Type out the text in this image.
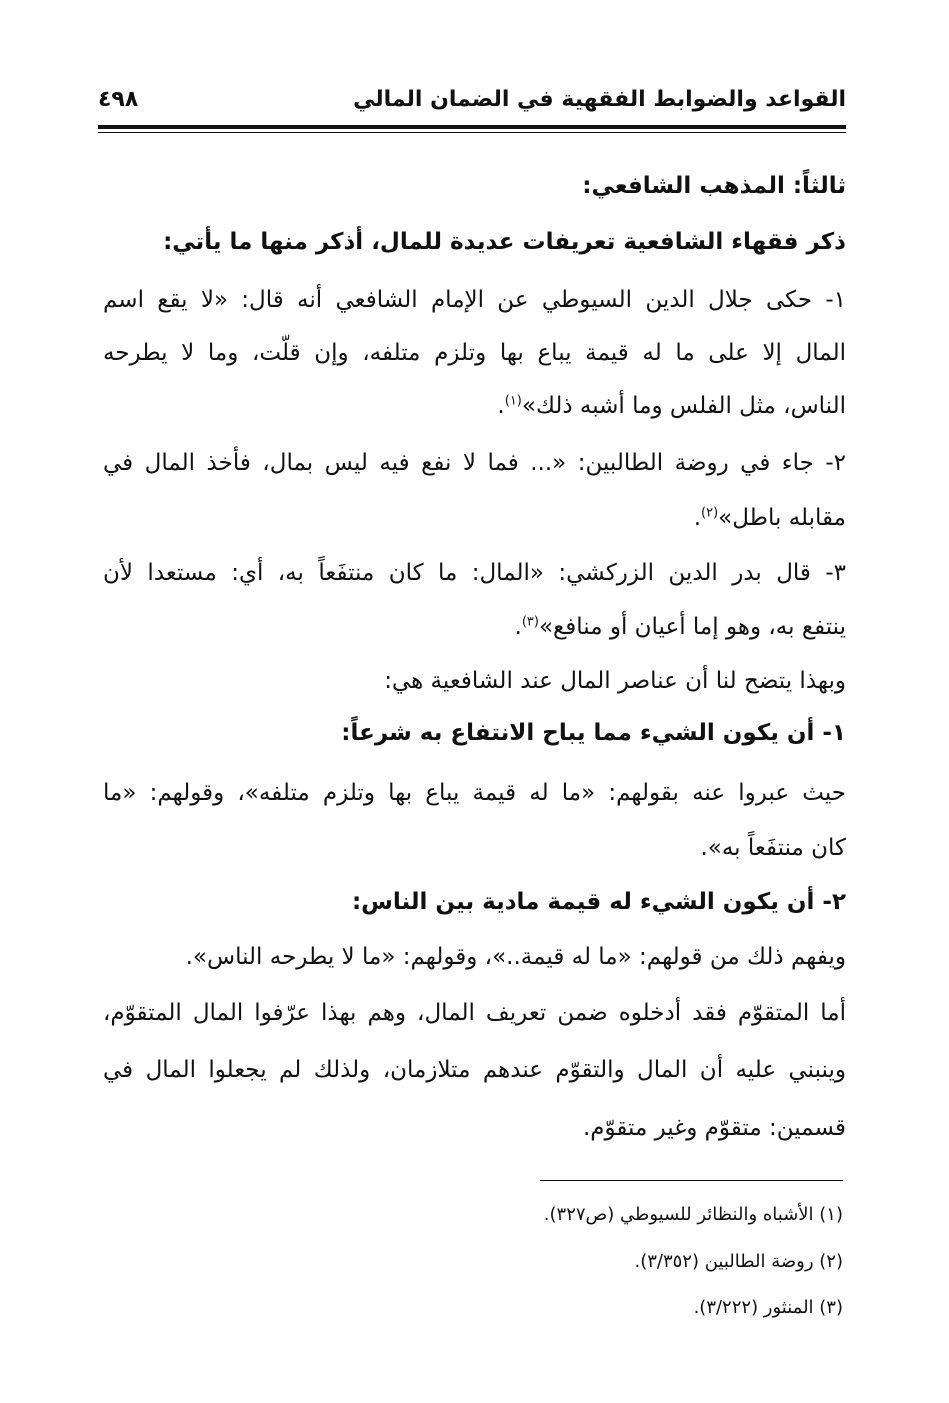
القواعد والضوابط الفقهية في الضمان المالي
٤٩٨
ثالثاً: المذهب الشافعي:
ذكر فقهاء الشافعية تعريفات عديدة للمال، أذكر منها ما يأتي:
١- حكى جلال الدين السيوطي عن الإمام الشافعي أنه قال: «لا يقع اسم
المال إلا على ما له قيمة يباع بها وتلزم متلفه، وإن قلّت، وما لا يطرحه
الناس، مثل الفلس وما أشبه ذلك»$^{(١)}$.
٢- جاء في روضة الطالبين: «... فما لا نفع فيه ليس بمال، فأخذ المال في
مقابله باطل»$^{(٢)}$.
٣- قال بدر الدين الزركشي: «المال: ما كان منتفَعاً به، أي: مستعدا لأن
ينتفع به، وهو إما أعيان أو منافع»$^{(٣)}$.
وبهذا يتضح لنا أن عناصر المال عند الشافعية هي:
١- أن يكون الشيء مما يباح الانتفاع به شرعاً:
حيث عبروا عنه بقولهم: «ما له قيمة يباع بها وتلزم متلفه»، وقولهم: «ما
كان منتفَعاً به».
٢- أن يكون الشيء له قيمة مادية بين الناس:
ويفهم ذلك من قولهم: «ما له قيمة..»، وقولهم: «ما لا يطرحه الناس».
أما المتقوّم فقد أدخلوه ضمن تعريف المال، وهم بهذا عرّفوا المال المتقوّم،
وينبني عليه أن المال والتقوّم عندهم متلازمان، ولذلك لم يجعلوا المال في
قسمين: متقوّم وغير متقوّم.
(١) الأشباه والنظائر للسيوطي (ص٣٢٧).
(٢) روضة الطالبين (٣/٣٥٢).
(٣) المنثور (٣/٢٢٢).
